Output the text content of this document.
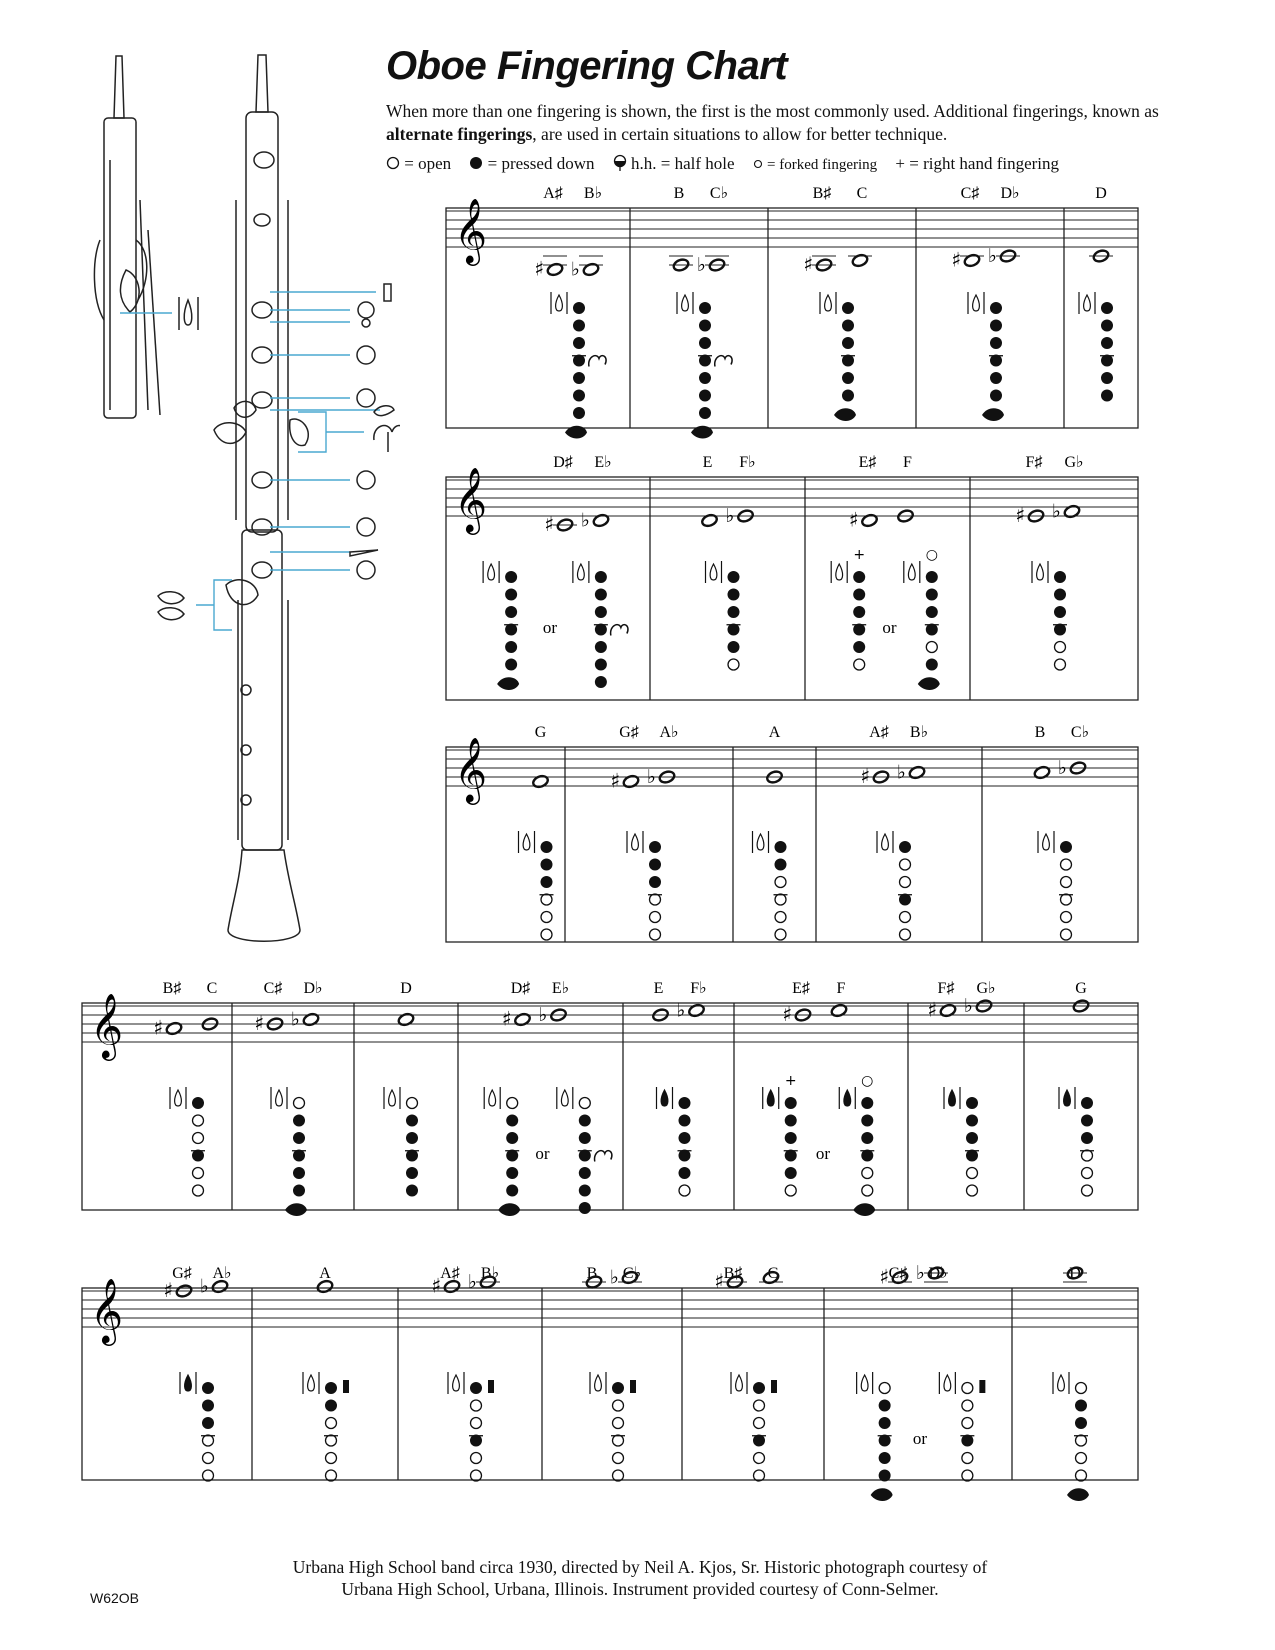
Oboe Fingering Chart

When more than one fingering is shown, the first is the most commonly used. Additional fingerings, known as alternate fingerings, are used in certain situations to allow for better technique.

= open = pressed down h.h. = half hole = forked fingering + = right hand fingering
𝄞
A♯ B♭
♯ ♭
B C♭
♭
B♯ C
♯
C♯ D♭
♯ ♭
D
𝄞
D♯ E♭
♯ ♭
or
E F♭
♭
E♯ F
♯
+
or
○
F♯ G♭
♯ ♭
𝄞
G	G♯ A♭
♯ ♭
A	A♯ B♭
♯ ♭
B C♭
♭
𝄞
B♯ C
♯
C♯ D♭
♯ ♭
D	D♯ E♭
♯ ♭
or
E F♭
♭
E♯ F
♯
+
or
○
F♯ G♭
♯ ♭
G
𝄞
G♯ A♭
♯ ♭
A	A♯ B♭
♯ ♭	B C♭
♭	B♯ C
♯	C♯ D♭
♯ ♭
or
D

Urbana High School band circa 1930, directed by Neil A. Kjos, Sr. Historic photograph courtesy of
Urbana High School, Urbana, Illinois. Instrument provided courtesy of Conn-Selmer.

W62OB
